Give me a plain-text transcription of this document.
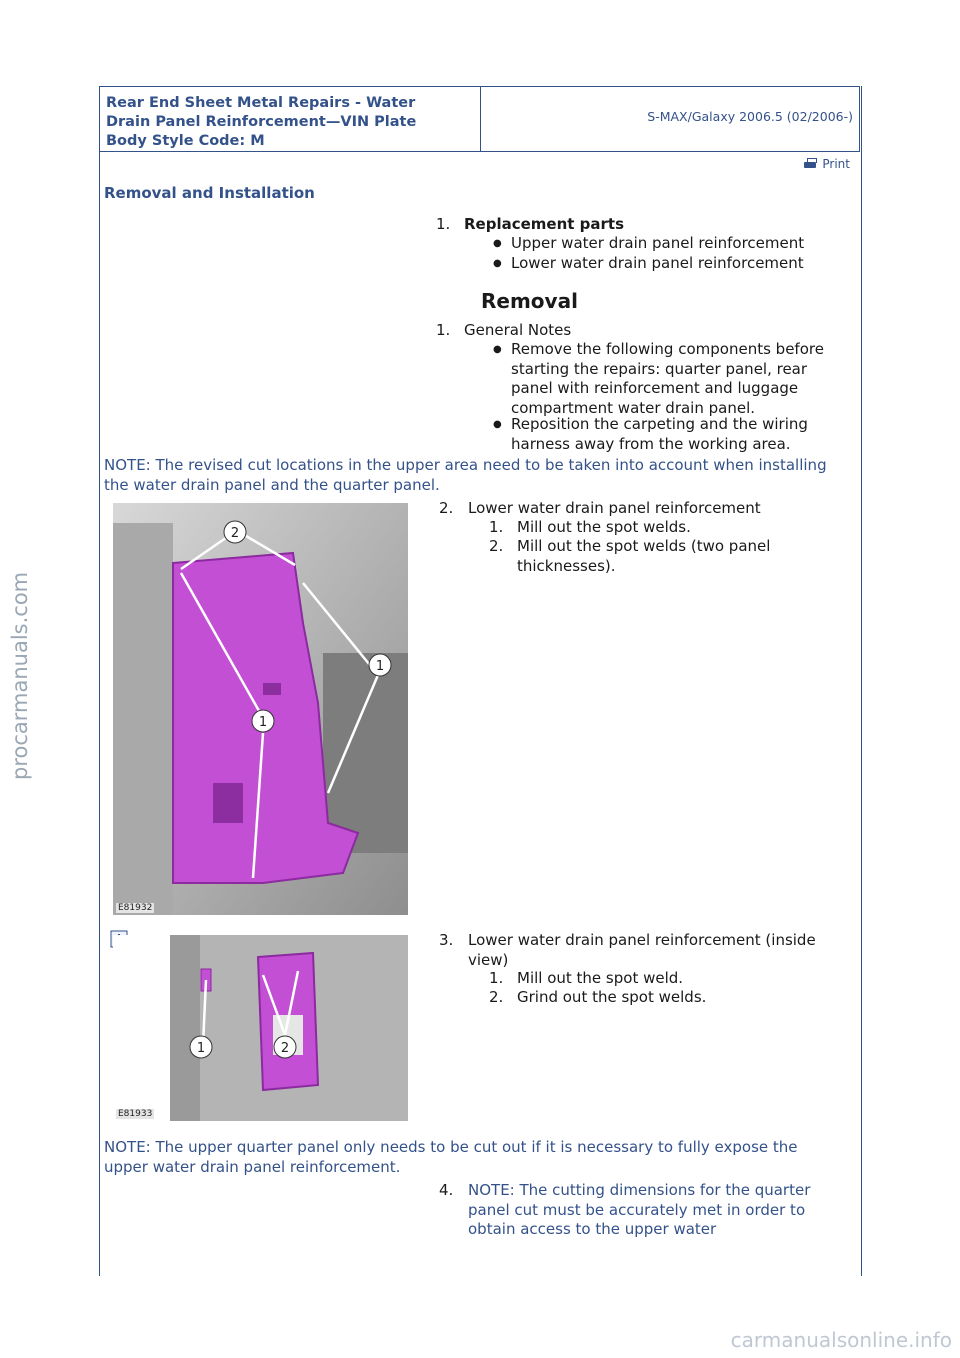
Rear End Sheet Metal Repairs - Water
Drain Panel Reinforcement—VIN Plate
Body Style Code: M
S-MAX/Galaxy 2006.5 (02/2006-)
Print
Removal and Installation
1. Replacement parts
● Upper water drain panel reinforcement
● Lower water drain panel reinforcement
Removal
1. General Notes
● Remove the following components before starting the repairs: quarter panel, rear panel with reinforcement and luggage compartment water drain panel.
● Reposition the carpeting and the wiring harness away from the working area.
NOTE: The revised cut locations in the upper area need to be taken into account when installing the water drain panel and the quarter panel.
2
1
1
E81932
2. Lower water drain panel reinforcement
1. Mill out the spot welds.
2. Mill out the spot welds (two panel thicknesses).
1	2
E81933
3. Lower water drain panel reinforcement (inside view)
1. Mill out the spot weld.
2. Grind out the spot welds.
NOTE: The upper quarter panel only needs to be cut out if it is necessary to fully expose the upper water drain panel reinforcement.
4. NOTE: The cutting dimensions for the quarter panel cut must be accurately met in order to obtain access to the upper water
procarmanuals.com
carmanualsonline.info
